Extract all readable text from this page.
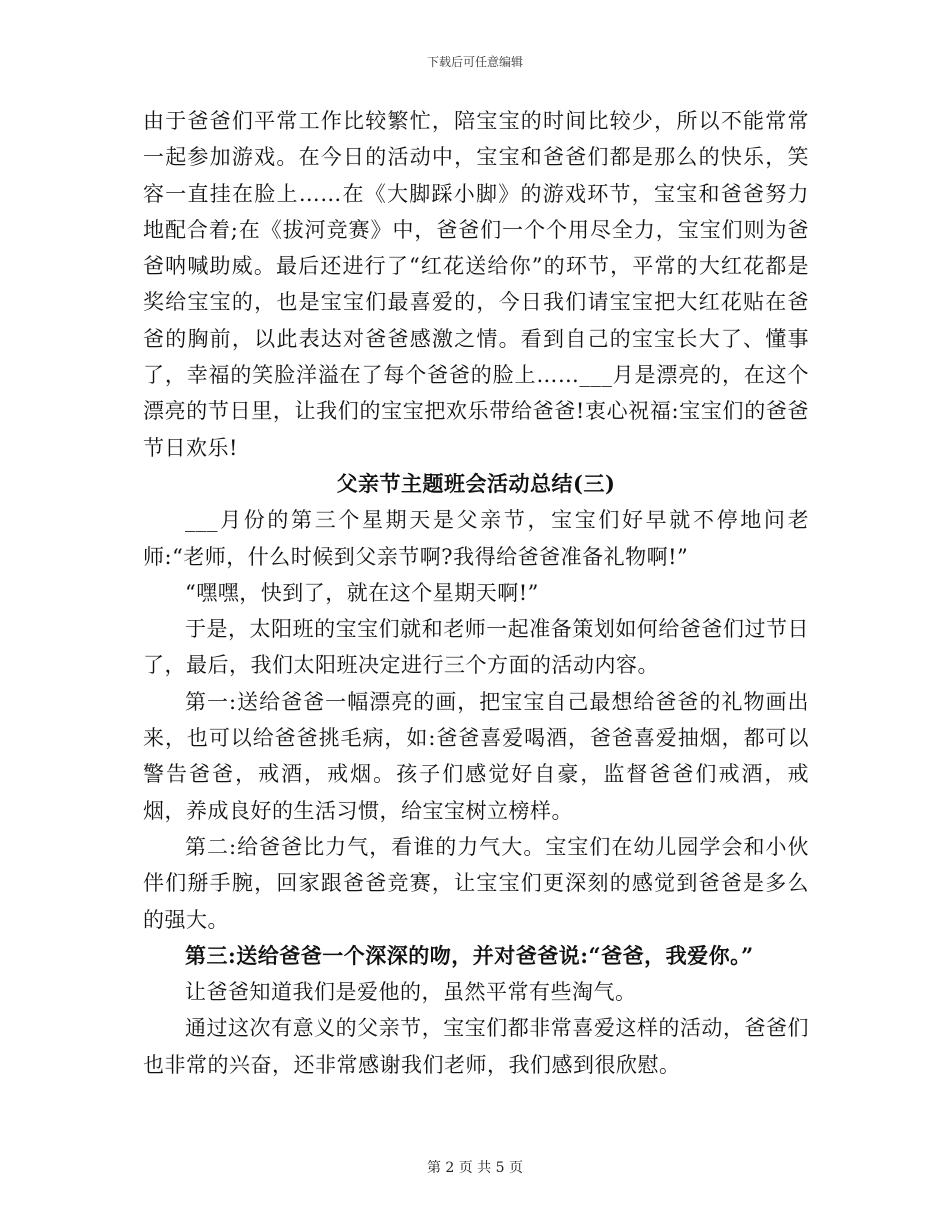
下载后可任意编辑

由于爸爸们平常工作比较繁忙，陪宝宝的时间比较少，所以不能常常一起参加游戏。在今日的活动中，宝宝和爸爸们都是那么的快乐，笑容一直挂在脸上……在《大脚踩小脚》的游戏环节，宝宝和爸爸努力地配合着;在《拔河竞赛》中，爸爸们一个个用尽全力，宝宝们则为爸爸呐喊助威。最后还进行了“红花送给你”的环节，平常的大红花都是奖给宝宝的，也是宝宝们最喜爱的，今日我们请宝宝把大红花贴在爸爸的胸前，以此表达对爸爸感激之情。看到自己的宝宝长大了、懂事了，幸福的笑脸洋溢在了每个爸爸的脸上……___月是漂亮的，在这个漂亮的节日里，让我们的宝宝把欢乐带给爸爸!衷心祝福:宝宝们的爸爸节日欢乐!

父亲节主题班会活动总结(三)

___月份的第三个星期天是父亲节，宝宝们好早就不停地问老师:“老师，什么时候到父亲节啊?我得给爸爸准备礼物啊!”

“嘿嘿，快到了，就在这个星期天啊!”

于是，太阳班的宝宝们就和老师一起准备策划如何给爸爸们过节日了，最后，我们太阳班决定进行三个方面的活动内容。

第一:送给爸爸一幅漂亮的画，把宝宝自己最想给爸爸的礼物画出来，也可以给爸爸挑毛病，如:爸爸喜爱喝酒，爸爸喜爱抽烟，都可以警告爸爸，戒酒，戒烟。孩子们感觉好自豪，监督爸爸们戒酒，戒烟，养成良好的生活习惯，给宝宝树立榜样。

第二:给爸爸比力气，看谁的力气大。宝宝们在幼儿园学会和小伙伴们掰手腕，回家跟爸爸竞赛，让宝宝们更深刻的感觉到爸爸是多么的强大。

第三:送给爸爸一个深深的吻，并对爸爸说:“爸爸，我爱你。”

让爸爸知道我们是爱他的，虽然平常有些淘气。

通过这次有意义的父亲节，宝宝们都非常喜爱这样的活动，爸爸们也非常的兴奋，还非常感谢我们老师，我们感到很欣慰。

第 2 页 共 5 页
